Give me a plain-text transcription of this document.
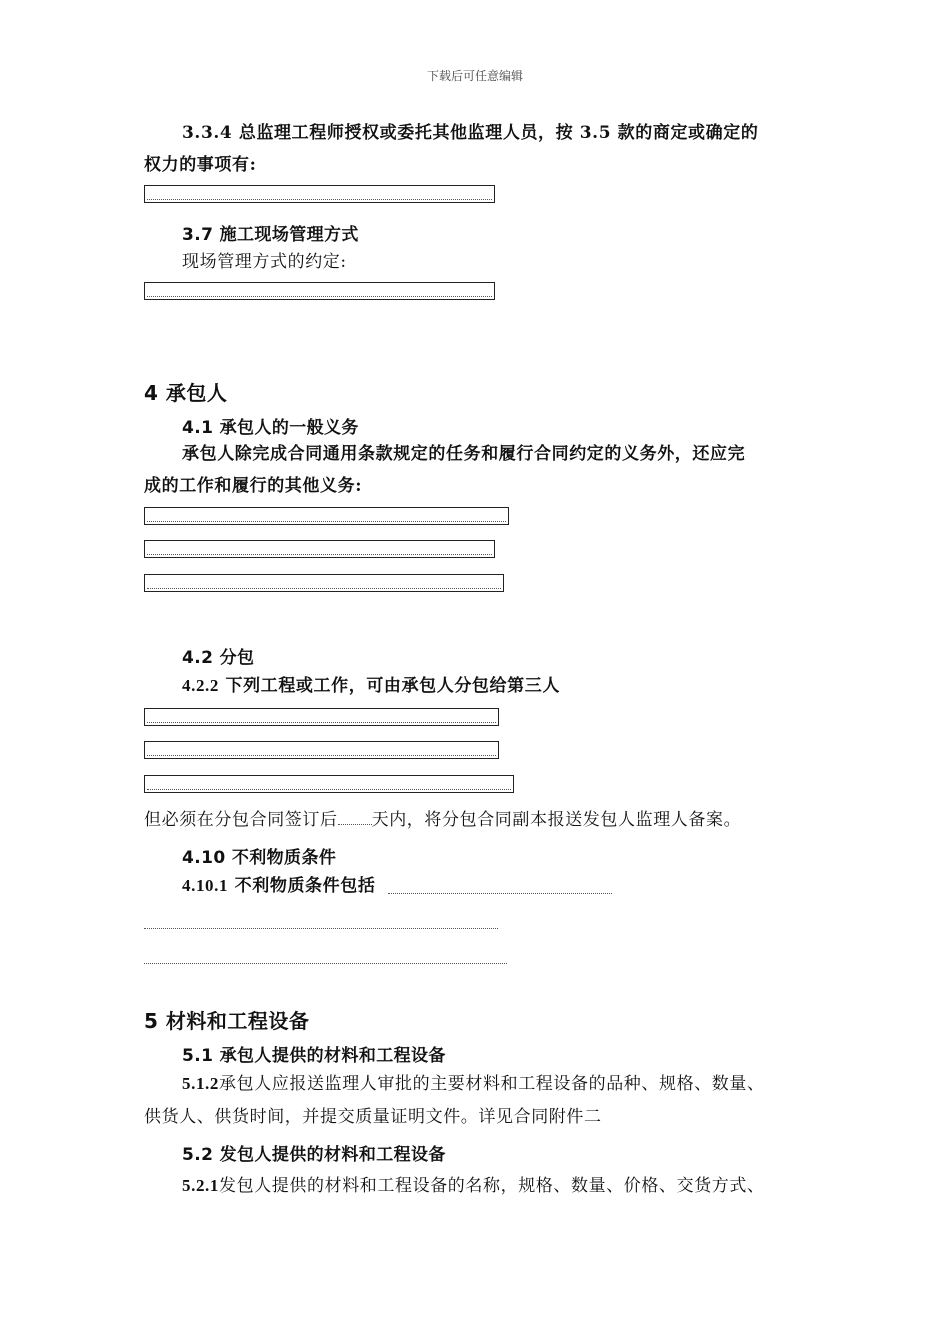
下载后可任意编辑
3.3.4 总监理工程师授权或委托其他监理人员，按 3.5 款的商定或确定的
权力的事项有:
3.7 施工现场管理方式
现场管理方式的约定:
4 承包人
4.1 承包人的一般义务
承包人除完成合同通用条款规定的任务和履行合同约定的义务外，还应完
成的工作和履行的其他义务:
4.2 分包
4.2.2 下列工程或工作，可由承包人分包给第三人
但必须在分包合同签订后 天内，将分包合同副本报送发包人监理人备案。
4.10 不利物质条件
4.10.1 不利物质条件包括
5 材料和工程设备
5.1 承包人提供的材料和工程设备
5.1.2承包人应报送监理人审批的主要材料和工程设备的品种、规格、数量、
供货人、供货时间，并提交质量证明文件。详见合同附件二
5.2 发包人提供的材料和工程设备
5.2.1发包人提供的材料和工程设备的名称，规格、数量、价格、交货方式、
